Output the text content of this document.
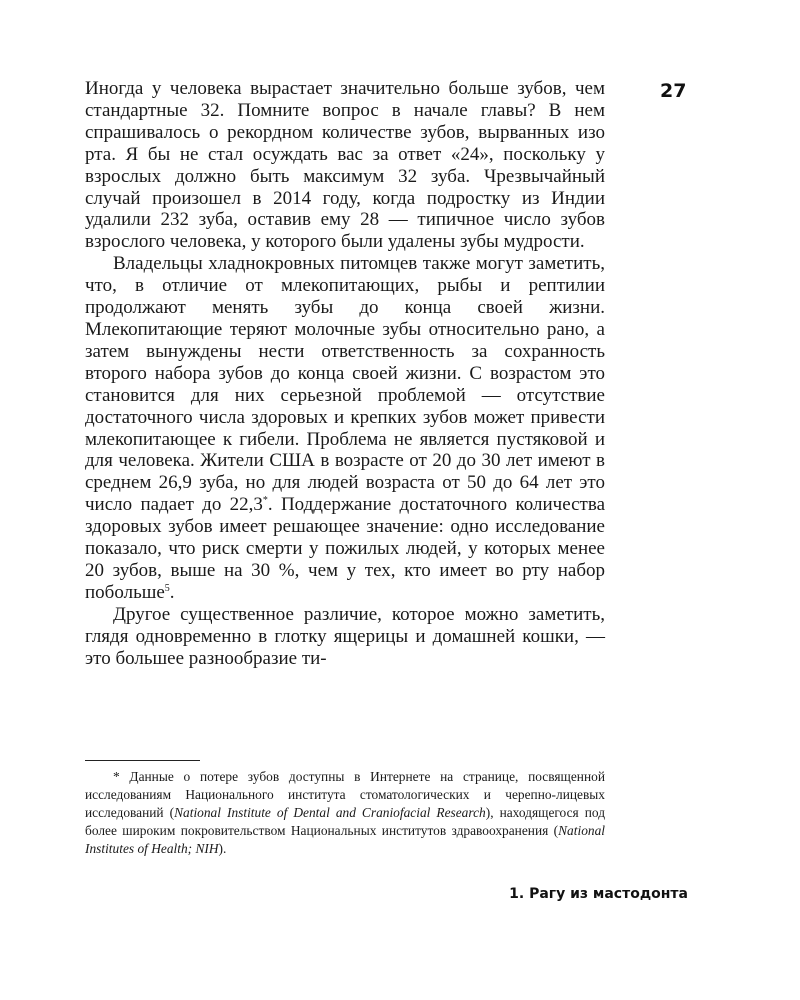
27

Иногда у человека вырастает значительно больше зубов, чем стандартные 32. Помните вопрос в начале главы? В нем спрашивалось о рекордном количестве зубов, вырванных изо рта. Я бы не стал осуждать вас за ответ «24», поскольку у взрослых должно быть максимум 32 зуба. Чрезвычайный случай произошел в 2014 году, когда подростку из Индии удалили 232 зуба, оставив ему 28 — типичное число зубов взрослого человека, у которого были удалены зубы мудрости.

Владельцы хладнокровных питомцев также могут заметить, что, в отличие от млекопитающих, рыбы и рептилии продолжают менять зубы до конца своей жизни. Млекопитающие теряют молочные зубы относительно рано, а затем вынуждены нести ответственность за сохранность второго набора зубов до конца своей жизни. С возрастом это становится для них серьезной проблемой — отсутствие достаточного числа здоровых и крепких зубов может привести млекопитающее к гибели. Проблема не является пустяковой и для человека. Жители США в возрасте от 20 до 30 лет имеют в среднем 26,9 зуба, но для людей возраста от 50 до 64 лет это число падает до 22,3*. Поддержание достаточного количества здоровых зубов имеет решающее значение: одно исследование показало, что риск смерти у пожилых людей, у которых менее 20 зубов, выше на 30 %, чем у тех, кто имеет во рту набор побольше$^5$.

Другое существенное различие, которое можно заметить, глядя одновременно в глотку ящерицы и домашней кошки, — это большее разнообразие ти-

* Данные о потере зубов доступны в Интернете на странице, посвященной исследованиям Национального института стоматологических и черепно-лицевых исследований (National Institute of Dental and Craniofacial Research), находящегося под более широким покровительством Национальных институтов здравоохранения (National Institutes of Health; NIH).

1. Рагу из мастодонта
